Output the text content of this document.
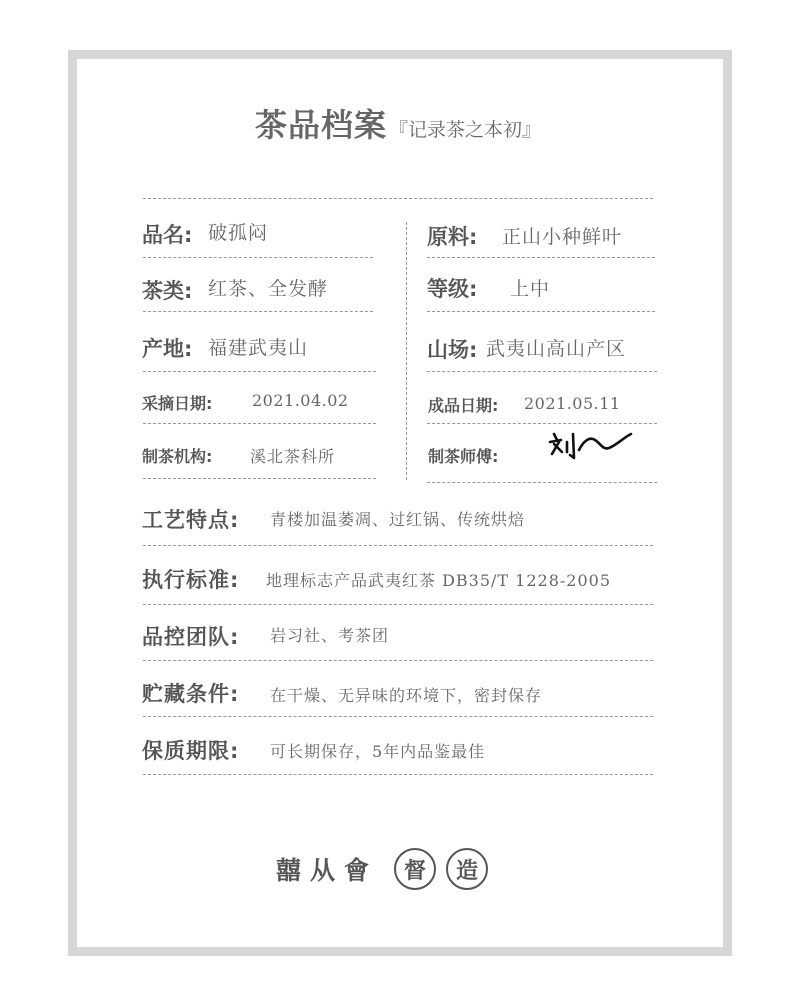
茶品档案 『记录茶之本初』
品名: 破孤闷	原料: 正山小种鲜叶
茶类: 红茶、全发酵	等级: 上中
产地: 福建武夷山	山场: 武夷山高山产区
采摘日期: 2021.04.02	成品日期: 2021.05.11
制茶机构: 溪北茶科所	制茶师傅:
工艺特点: 青楼加温萎凋、过红锅、传统烘焙
执行标准: 地理标志产品武夷红茶 DB35/T 1228-2005
品控团队: 岩习社、考茶团
贮藏条件: 在干燥、无异味的环境下，密封保存
保质期限: 可长期保存，5年内品鉴最佳
囍从會	督	造
